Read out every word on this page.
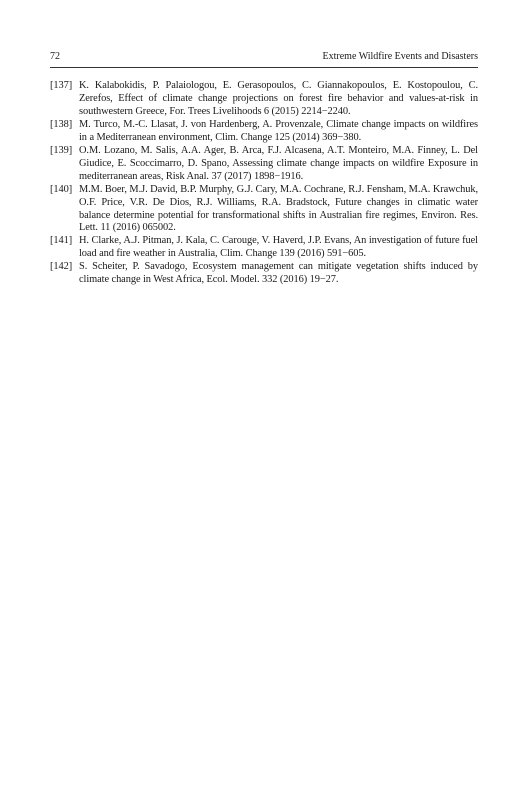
72	Extreme Wildfire Events and Disasters
[137] K. Kalabokidis, P. Palaiologou, E. Gerasopoulos, C. Giannakopoulos, E. Kostopoulou, C. Zerefos, Effect of climate change projections on forest fire behavior and values-at-risk in southwestern Greece, For. Trees Livelihoods 6 (2015) 2214−2240.
[138] M. Turco, M.-C. Llasat, J. von Hardenberg, A. Provenzale, Climate change impacts on wildfires in a Mediterranean environment, Clim. Change 125 (2014) 369−380.
[139] O.M. Lozano, M. Salis, A.A. Ager, B. Arca, F.J. Alcasena, A.T. Monteiro, M.A. Finney, L. Del Giudice, E. Scoccimarro, D. Spano, Assessing climate change impacts on wildfire Exposure in mediterranean areas, Risk Anal. 37 (2017) 1898−1916.
[140] M.M. Boer, M.J. David, B.P. Murphy, G.J. Cary, M.A. Cochrane, R.J. Fensham, M.A. Krawchuk, O.F. Price, V.R. De Dios, R.J. Williams, R.A. Bradstock, Future changes in climatic water balance determine potential for transformational shifts in Australian fire regimes, Environ. Res. Lett. 11 (2016) 065002.
[141] H. Clarke, A.J. Pitman, J. Kala, C. Carouge, V. Haverd, J.P. Evans, An investigation of future fuel load and fire weather in Australia, Clim. Change 139 (2016) 591−605.
[142] S. Scheiter, P. Savadogo, Ecosystem management can mitigate vegetation shifts induced by climate change in West Africa, Ecol. Model. 332 (2016) 19−27.
